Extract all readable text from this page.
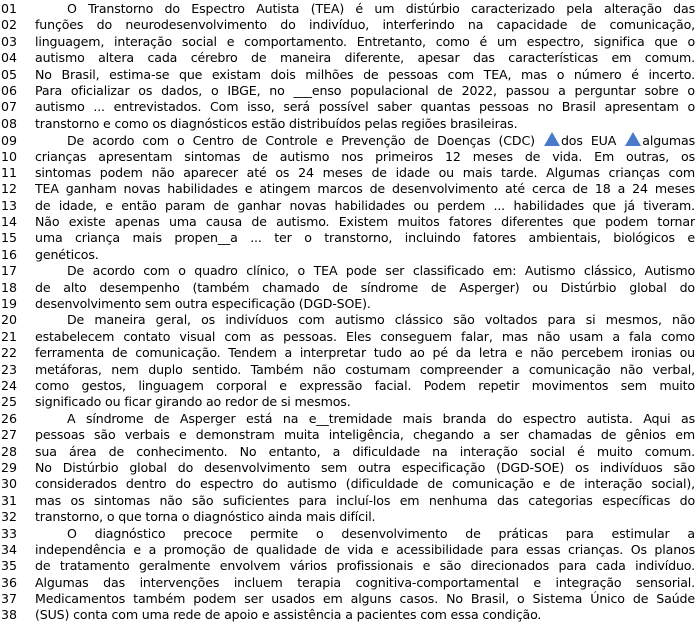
01	O Transtorno do Espectro Autista (TEA) é um distúrbio caracterizado pela alteração das
02	funções do neurodesenvolvimento do indivíduo, interferindo na capacidade de comunicação,
03	linguagem, interação social e comportamento. Entretanto, como é um espectro, significa que o
04	autismo altera cada cérebro de maneira diferente, apesar das características em comum.
05	No Brasil, estima-se que existam dois milhões de pessoas com TEA, mas o número é incerto.
06	Para oficializar os dados, o IBGE, no ___enso populacional de 2022, passou a perguntar sobre o
07	autismo ... entrevistados. Com isso, será possível saber quantas pessoas no Brasil apresentam o
08	transtorno e como os diagnósticos estão distribuídos pelas regiões brasileiras.
09	De acordo com o Centro de Controle e Prevenção de Doenças (CDC) dos EUA algumas
10	crianças apresentam sintomas de autismo nos primeiros 12 meses de vida. Em outras, os
11	sintomas podem não aparecer até os 24 meses de idade ou mais tarde. Algumas crianças com
12	TEA ganham novas habilidades e atingem marcos de desenvolvimento até cerca de 18 a 24 meses
13	de idade, e então param de ganhar novas habilidades ou perdem ... habilidades que já tiveram.
14	Não existe apenas uma causa de autismo. Existem muitos fatores diferentes que podem tornar
15	uma criança mais propen__a ... ter o transtorno, incluindo fatores ambientais, biológicos e
16	genéticos.
17	De acordo com o quadro clínico, o TEA pode ser classificado em: Autismo clássico, Autismo
18	de alto desempenho (também chamado de síndrome de Asperger) ou Distúrbio global do
19	desenvolvimento sem outra especificação (DGD-SOE).
20	De maneira geral, os indivíduos com autismo clássico são voltados para si mesmos, não
21	estabelecem contato visual com as pessoas. Eles conseguem falar, mas não usam a fala como
22	ferramenta de comunicação. Tendem a interpretar tudo ao pé da letra e não percebem ironias ou
23	metáforas, nem duplo sentido. Também não costumam compreender a comunicação não verbal,
24	como gestos, linguagem corporal e expressão facial. Podem repetir movimentos sem muito
25	significado ou ficar girando ao redor de si mesmos.
26	A síndrome de Asperger está na e__tremidade mais branda do espectro autista. Aqui as
27	pessoas são verbais e demonstram muita inteligência, chegando a ser chamadas de gênios em
28	sua área de conhecimento. No entanto, a dificuldade na interação social é muito comum.
29	No Distúrbio global do desenvolvimento sem outra especificação (DGD-SOE) os indivíduos são
30	considerados dentro do espectro do autismo (dificuldade de comunicação e de interação social),
31	mas os sintomas não são suficientes para incluí-los em nenhuma das categorias específicas do
32	transtorno, o que torna o diagnóstico ainda mais difícil.
33	O diagnóstico precoce permite o desenvolvimento de práticas para estimular a
34	independência e a promoção de qualidade de vida e acessibilidade para essas crianças. Os planos
35	de tratamento geralmente envolvem vários profissionais e são direcionados para cada indivíduo.
36	Algumas das intervenções incluem terapia cognitiva-comportamental e integração sensorial.
37	Medicamentos também podem ser usados em alguns casos. No Brasil, o Sistema Único de Saúde
38	(SUS) conta com uma rede de apoio e assistência a pacientes com essa condição.
